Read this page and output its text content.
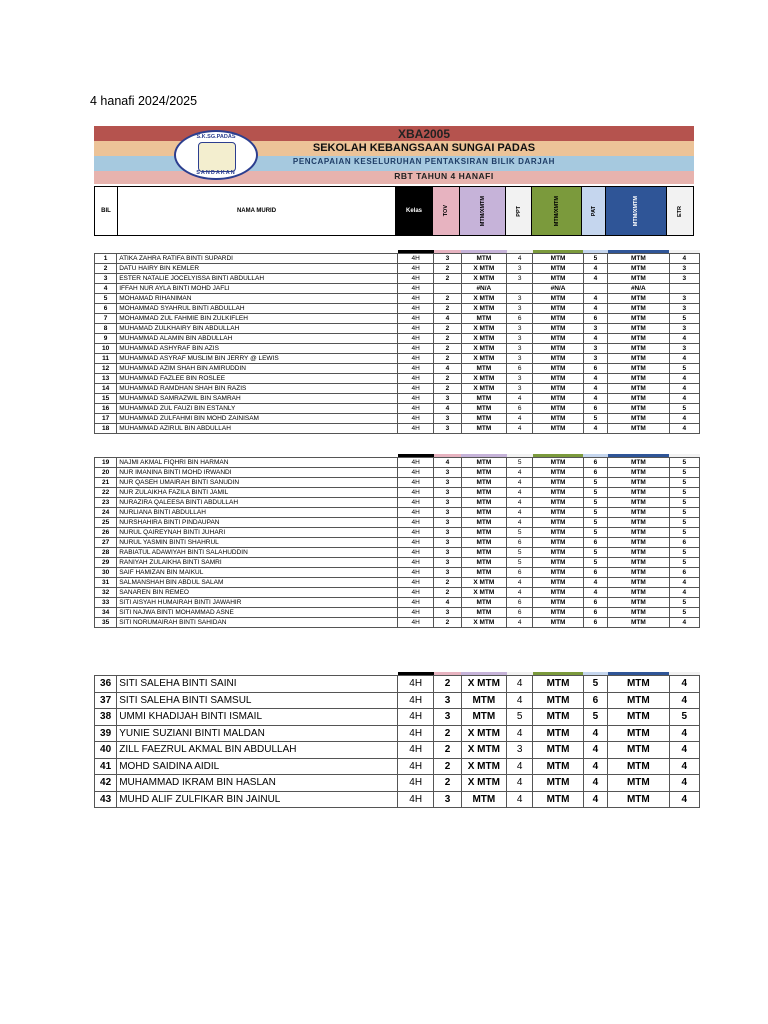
4 hanafi 2024/2025
XBA2005
SEKOLAH KEBANGSAAN SUNGAI PADAS
PENCAPAIAN KESELURUHAN PENTAKSIRAN BILIK DARJAH
RBT TAHUN 4 HANAFI
S.K.SG.PADAS
SANDAKAN
BIL	NAMA MURID	Kelas	TOV	MTM/XMTM	PPT	MTM/XMTM	PAT	MTM/XMTM	ETR

1	ATIKA ZAHRA RATIFA BINTI SUPARDI	4H	3	MTM	4	MTM	5	MTM	4
2	DATU HAIRY BIN KEMLER	4H	2	X MTM	3	MTM	4	MTM	3
3	ESTER NATALIE JOCELYISSA BINTI ABDULLAH	4H	2	X MTM	3	MTM	4	MTM	3
4	IFFAH NUR AYLA BINTI MOHD JAFLI	4H		#N/A		#N/A		#N/A	
5	MOHAMAD RIHANIMAN	4H	2	X MTM	3	MTM	4	MTM	3
6	MOHAMMAD SYAHRUL BINTI ABDULLAH	4H	2	X MTM	3	MTM	4	MTM	3
7	MOHAMMAD ZUL FAHMIE BIN ZULKIFLEH	4H	4	MTM	6	MTM	6	MTM	5
8	MUHAMAD ZULKHAIRY BIN ABDULLAH	4H	2	X MTM	3	MTM	3	MTM	3
9	MUHAMMAD ALAMIN BIN ABDULLAH	4H	2	X MTM	3	MTM	4	MTM	4
10	MUHAMMAD ASHYRAF BIN AZIS	4H	2	X MTM	3	MTM	3	MTM	3
11	MUHAMMAD ASYRAF MUSLIM BIN JERRY @ LEWIS	4H	2	X MTM	3	MTM	3	MTM	4
12	MUHAMMAD AZIM SHAH BIN AMIRUDDIN	4H	4	MTM	6	MTM	6	MTM	5
13	MUHAMMAD FAZLEE BIN ROSLEE	4H	2	X MTM	3	MTM	4	MTM	4
14	MUHAMMAD RAMDHAN SHAH BIN RAZIS	4H	2	X MTM	3	MTM	4	MTM	4
15	MUHAMMAD SAMRAZWIL BIN SAMRAH	4H	3	MTM	4	MTM	4	MTM	4
16	MUHAMMAD ZUL FAUZI BIN ESTANLY	4H	4	MTM	6	MTM	6	MTM	5
17	MUHAMMAD ZULFAHMI BIN MOHD ZAINISAM	4H	3	MTM	4	MTM	5	MTM	4
18	MUHAMMAD AZIRUL BIN ABDULLAH	4H	3	MTM	4	MTM	4	MTM	4

19	NAJMI AKMAL FIQHRI BIN HARMAN	4H	4	MTM	5	MTM	6	MTM	5
20	NUR IMANINA BINTI MOHD IRWANDI	4H	3	MTM	4	MTM	6	MTM	5
21	NUR QASEH UMAIRAH BINTI SANUDIN	4H	3	MTM	4	MTM	5	MTM	5
22	NUR ZULAIKHA FAZILA BINTI JAMIL	4H	3	MTM	4	MTM	5	MTM	5
23	NURAZIRA QALEESA BINTI ABDULLAH	4H	3	MTM	4	MTM	5	MTM	5
24	NURLIANA BINTI ABDULLAH	4H	3	MTM	4	MTM	5	MTM	5
25	NURSHAHIRA BINTI PINDAUPAN	4H	3	MTM	4	MTM	5	MTM	5
26	NURUL QAIREYNAH BINTI JUHARI	4H	3	MTM	5	MTM	5	MTM	5
27	NURUL YASMIN BINTI SHAHRUL	4H	3	MTM	6	MTM	6	MTM	6
28	RABIATUL ADAWIYAH BINTI SALAHUDDIN	4H	3	MTM	5	MTM	5	MTM	5
29	RANIYAH ZULAIKHA BINTI SAMRI	4H	3	MTM	5	MTM	5	MTM	5
30	SAIF HAMIZAN BIN MAIKUL	4H	3	MTM	6	MTM	6	MTM	6
31	SALMANSHAH BIN ABDUL SALAM	4H	2	X MTM	4	MTM	4	MTM	4
32	SANAREN BIN REMEO	4H	2	X MTM	4	MTM	4	MTM	4
33	SITI AISYAH HUMAIRAH BINTI JAWAHIR	4H	4	MTM	6	MTM	6	MTM	5
34	SITI NAJWA BINTI MOHAMMAD ASNE	4H	3	MTM	6	MTM	6	MTM	5
35	SITI NORUMAIRAH BINTI SAHIDAN	4H	2	X MTM	4	MTM	6	MTM	4

36	SITI SALEHA BINTI SAINI	4H	2	X MTM	4	MTM	5	MTM	4
37	SITI SALEHA BINTI SAMSUL	4H	3	MTM	4	MTM	6	MTM	4
38	UMMI KHADIJAH BINTI ISMAIL	4H	3	MTM	5	MTM	5	MTM	5
39	YUNIE SUZIANI BINTI MALDAN	4H	2	X MTM	4	MTM	4	MTM	4
40	ZILL FAEZRUL AKMAL BIN ABDULLAH	4H	2	X MTM	3	MTM	4	MTM	4
41	MOHD SAIDINA AIDIL	4H	2	X MTM	4	MTM	4	MTM	4
42	MUHAMMAD IKRAM BIN HASLAN	4H	2	X MTM	4	MTM	4	MTM	4
43	MUHD ALIF ZULFIKAR BIN JAINUL	4H	3	MTM	4	MTM	4	MTM	4
